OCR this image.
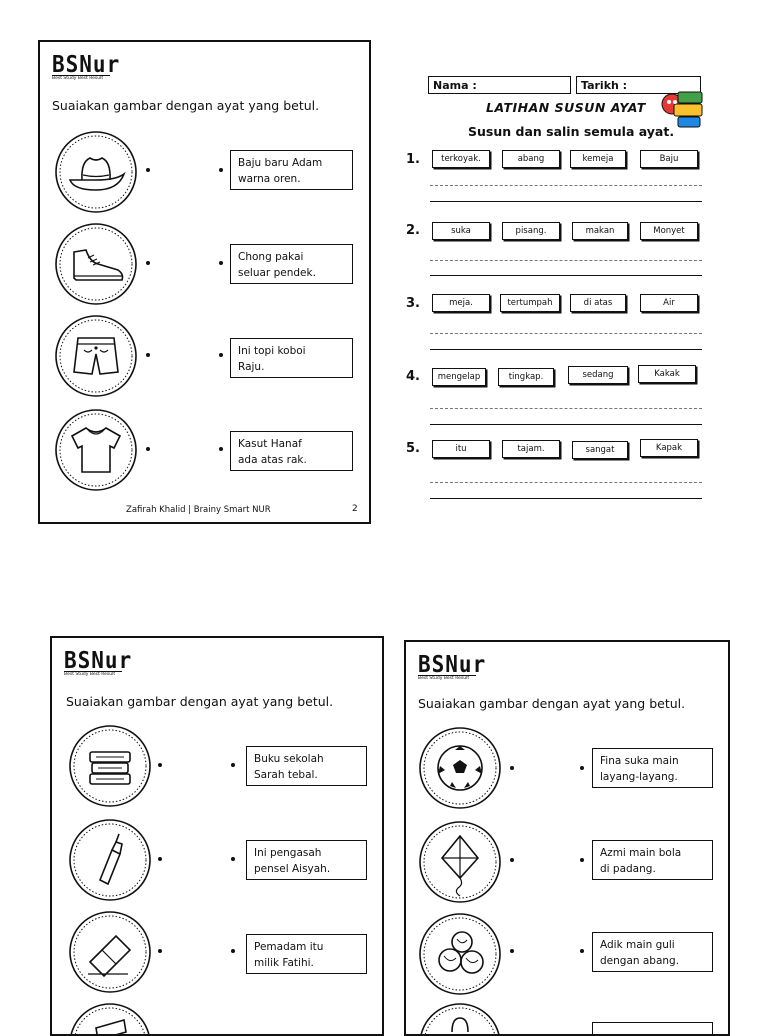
BSNur
Best Study Best Result
Suaiakan gambar dengan ayat yang betul.
Baju baru Adam
warna oren.
Chong pakai
seluar pendek.
Ini topi koboi
Raju.
Kasut Hanaf
ada atas rak.
Zafirah Khalid | Brainy Smart NUR	2
Nama :	Tarikh :
LATIHAN SUSUN AYAT
Susun dan salin semula ayat.
1.	terkoyak.	abang	kemeja	Baju
2.	suka	pisang.	makan	Monyet
3.	meja.	tertumpah	di atas	Air
4.	mengelap	tingkap.	sedang	Kakak
5.	itu	tajam.	sangat	Kapak
BSNur
Best Study Best Result
Suaiakan gambar dengan ayat yang betul.
Buku sekolah
Sarah tebal.
Ini pengasah
pensel Aisyah.
Pemadam itu
milik Fatihi.
BSNur
Best Study Best Result
Suaiakan gambar dengan ayat yang betul.
Fina suka main
layang-layang.
Azmi main bola
di padang.
Adik main guli
dengan abang.
